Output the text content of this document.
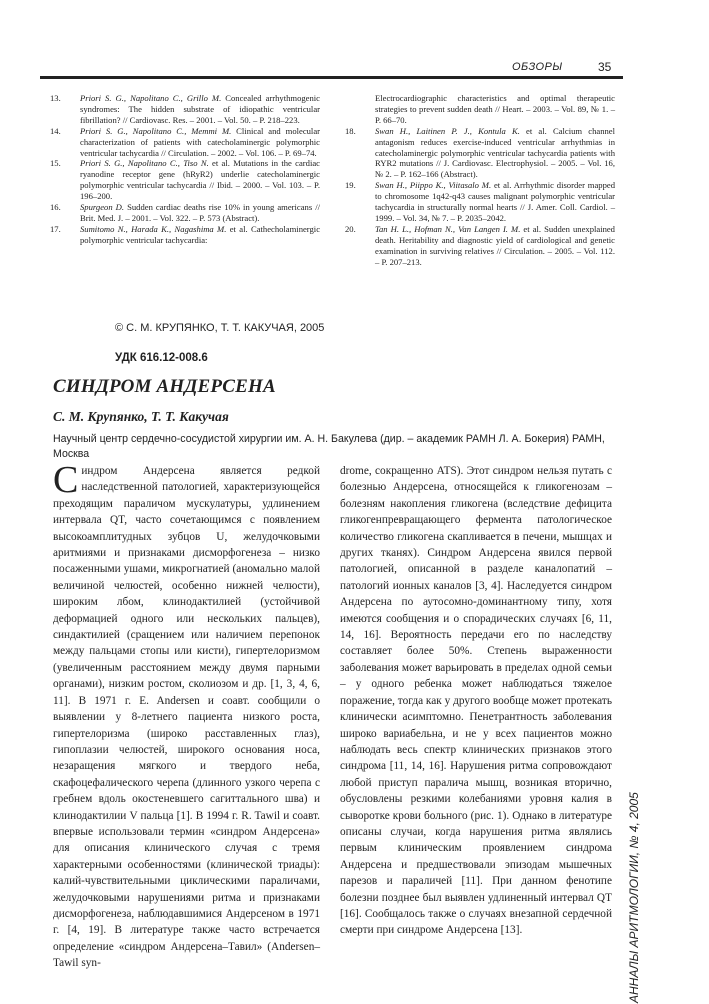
ОБЗОРЫ	35
13.	Priori S. G., Napolitano C., Grillo M. Concealed arrhythmogenic syndromes: The hidden substrate of idiopathic ventricular fibrillation? // Cardiovasc. Res. – 2001. – Vol. 50. – P. 218–223.
14.	Priori S. G., Napolitano C., Memmi M. Clinical and molecular characterization of patients with catecholaminergic polymorphic ventricular tachycardia // Circulation. – 2002. – Vol. 106. – P. 69–74.
15.	Priori S. G., Napolitano C., Tiso N. et al. Mutations in the cardiac ryanodine receptor gene (hRyR2) underlie catecholaminergic polymorphic ventricular tachycardia // Ibid. – 2000. – Vol. 103. – P. 196–200.
16.	Spurgeon D. Sudden cardiac deaths rise 10% in young americans // Brit. Med. J. – 2001. – Vol. 322. – P. 573 (Abstract).
17.	Sumitomo N., Harada K., Nagashima M. et al. Cathecholaminergic polymorphic ventricular tachycardia:
Electrocardiographic characteristics and optimal therapeutic strategies to prevent sudden death // Heart. – 2003. – Vol. 89, № 1. – P. 66–70.
18.	Swan H., Laitinen P. J., Kontula K. et al. Calcium channel antagonism reduces exercise-induced ventricular arrhythmias in catecholaminergic polymorphic ventricular tachycardia patients with RYR2 mutations // J. Cardiovasc. Electrophysiol. – 2005. – Vol. 16, № 2. – P. 162–166 (Abstract).
19.	Swan H., Piippo K., Viitasalo M. et al. Arrhythmic disorder mapped to chromosome 1q42-q43 causes malignant polymorphic ventricular tachycardia in structurally normal hearts // J. Amer. Coll. Cardiol. – 1999. – Vol. 34, № 7. – P. 2035–2042.
20.	Tan H. L., Hofman N., Van Langen I. M. et al. Sudden unexplained death. Heritability and diagnostic yield of cardiological and genetic examination in surviving relatives // Circulation. – 2005. – Vol. 112. – P. 207–213.
© С. М. КРУПЯНКО, Т. Т. КАКУЧАЯ, 2005
УДК 616.12-008.6
СИНДРОМ АНДЕРСЕНА
С. М. Крупянко, Т. Т. Какучая
Научный центр сердечно-сосудистой хирургии им. А. Н. Бакулева (дир. – академик РАМН Л. А. Бокерия) РАМН, Москва
Синдром Андерсена является редкой наследственной патологией, характеризующейся преходящим параличом мускулатуры, удлинением интервала QT, часто сочетающимся с появлением высокоамплитудных зубцов U, желудочковыми аритмиями и признаками дисморфогенеза – низко посаженными ушами, микрогнатией (аномально малой величиной челюстей, особенно нижней челюсти), широким лбом, клинодактилией (устойчивой деформацией одного или нескольких пальцев), синдактилией (сращением или наличием перепонок между пальцами стопы или кисти), гипертелоризмом (увеличенным расстоянием между двумя парными органами), низким ростом, сколиозом и др. [1, 3, 4, 6, 11]. В 1971 г. E. Andersen и соавт. сообщили о выявлении у 8-летнего пациента низкого роста, гипертелоризма (широко расставленных глаз), гипоплазии челюстей, широкого основания носа, незаращения мягкого и твердого неба, скафоцефалического черепа (длинного узкого черепа с гребнем вдоль окостеневшего сагиттального шва) и клинодактилии V пальца [1]. В 1994 г. R. Tawil и соавт. впервые использовали термин «синдром Андерсена» для описания клинического случая с тремя характерными особенностями (клинической триады): калий-чувствительными циклическими параличами, желудочковыми нарушениями ритма и признаками дисморфогенеза, наблюдавшимися Андерсеном в 1971 г. [4, 19]. В литературе также часто встречается определение «синдром Андерсена–Тавил» (Andersen–Tawil syn-
drome, сокращенно ATS). Этот синдром нельзя путать с болезнью Андерсена, относящейся к гликогенозам – болезням накопления гликогена (вследствие дефицита гликогенпревращающего фермента патологическое количество гликогена скапливается в печени, мышцах и других тканях). Синдром Андерсена явился первой патологией, описанной в разделе каналопатий – патологий ионных каналов [3, 4]. Наследуется синдром Андерсена по аутосомно-доминантному типу, хотя имеются сообщения и о спорадических случаях [6, 11, 14, 16]. Вероятность передачи его по наследству составляет более 50%. Степень выраженности заболевания может варьировать в пределах одной семьи – у одного ребенка может наблюдаться тяжелое поражение, тогда как у другого вообще может протекать клинически асимптомно. Пенетрантность заболевания широко вариабельна, и не у всех пациентов можно наблюдать весь спектр клинических признаков этого синдрома [11, 14, 16]. Нарушения ритма сопровождают любой приступ паралича мышц, возникая вторично, обусловлены резкими колебаниями уровня калия в сыворотке крови больного (рис. 1). Однако в литературе описаны случаи, когда нарушения ритма являлись первым клиническим проявлением синдрома Андерсена и предшествовали эпизодам мышечных парезов и параличей [11]. При данном фенотипе болезни позднее был выявлен удлиненный интервал QT [16]. Сообщалось также о случаях внезапной сердечной смерти при синдроме Андерсена [13].	АННАЛЫ АРИТМОЛОГИИ, № 4, 2005
